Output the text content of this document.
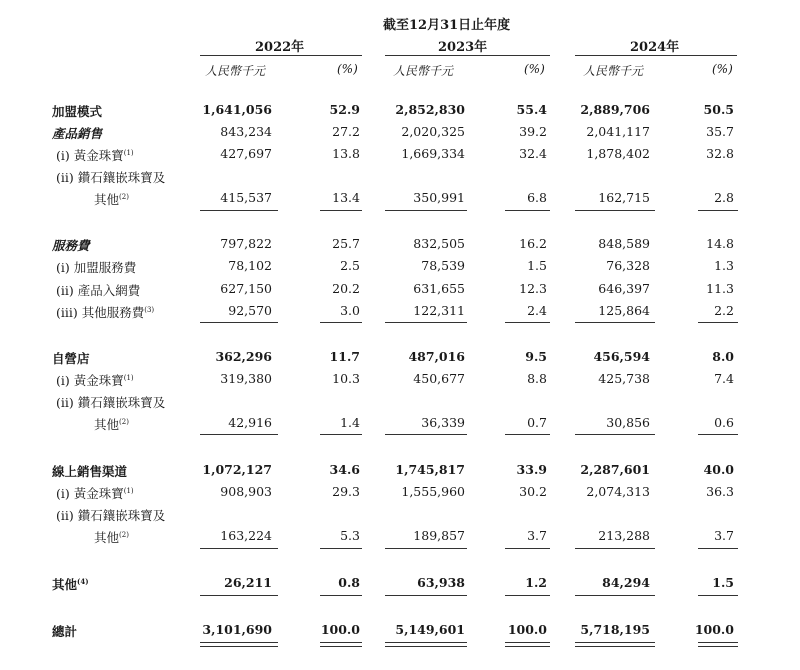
截至12月31日止年度
2022年	2023年	2024年
人民幣千元	(%)	人民幣千元	(%)	人民幣千元	(%)
加盟模式	1,641,056	52.9	2,852,830	55.4	2,889,706	50.5
產品銷售	843,234	27.2	2,020,325	39.2	2,041,117	35.7
(i) 黃金珠寶$^{(1)}$	427,697	13.8	1,669,334	32.4	1,878,402	32.8
(ii) 鑽石鑲嵌珠寶及
其他$^{(2)}$	415,537	13.4	350,991	6.8	162,715	2.8
服務費	797,822	25.7	832,505	16.2	848,589	14.8
(i) 加盟服務費	78,102	2.5	78,539	1.5	76,328	1.3
(ii) 產品入網費	627,150	20.2	631,655	12.3	646,397	11.3
(iii) 其他服務費$^{(3)}$	92,570	3.0	122,311	2.4	125,864	2.2
自營店	362,296	11.7	487,016	9.5	456,594	8.0
(i) 黃金珠寶$^{(1)}$	319,380	10.3	450,677	8.8	425,738	7.4
(ii) 鑽石鑲嵌珠寶及
其他$^{(2)}$	42,916	1.4	36,339	0.7	30,856	0.6
線上銷售渠道	1,072,127	34.6	1,745,817	33.9	2,287,601	40.0
(i) 黃金珠寶$^{(1)}$	908,903	29.3	1,555,960	30.2	2,074,313	36.3
(ii) 鑽石鑲嵌珠寶及
其他$^{(2)}$	163,224	5.3	189,857	3.7	213,288	3.7
其他$^{(4)}$	26,211	0.8	63,938	1.2	84,294	1.5
總計	3,101,690	100.0	5,149,601	100.0	5,718,195	100.0
